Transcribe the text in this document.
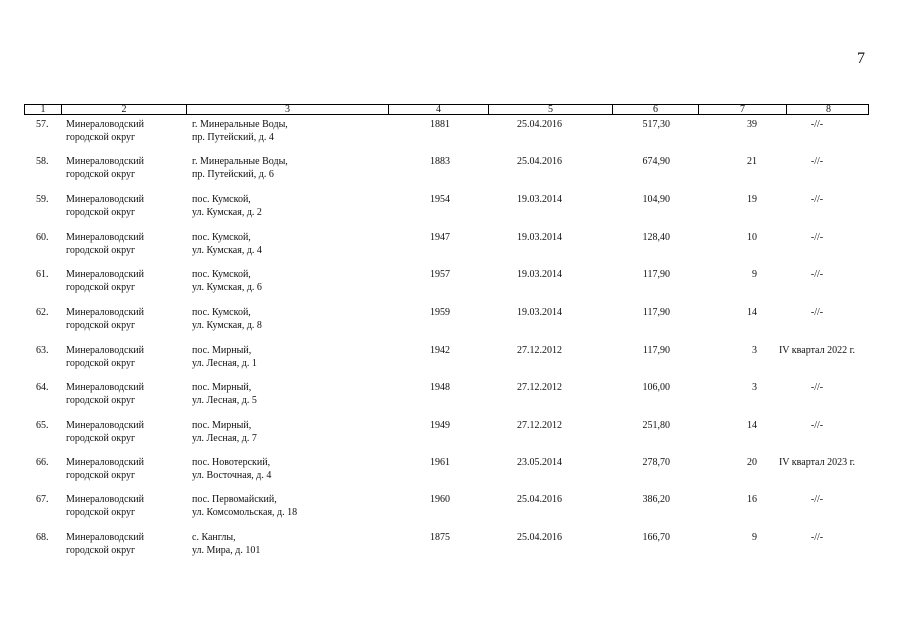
7
1	2	3	4	5	6	7	8
57. Минераловодский	г. Минеральные Воды,	1881	25.04.2016	517,30	39	-//-
городской округ	пр. Путейский, д. 4
58. Минераловодский	г. Минеральные Воды,	1883	25.04.2016	674,90	21	-//-
городской округ	пр. Путейский, д. 6
59. Минераловодский	пос. Кумской,	1954	19.03.2014	104,90	19	-//-
городской округ	ул. Кумская, д. 2
60. Минераловодский	пос. Кумской,	1947	19.03.2014	128,40	10	-//-
городской округ	ул. Кумская, д. 4
61. Минераловодский	пос. Кумской,	1957	19.03.2014	117,90	9	-//-
городской округ	ул. Кумская, д. 6
62. Минераловодский	пос. Кумской,	1959	19.03.2014	117,90	14	-//-
городской округ	ул. Кумская, д. 8
63. Минераловодский	пос. Мирный,	1942	27.12.2012	117,90	3	IV квартал 2022 г.
городской округ	ул. Лесная, д. 1
64. Минераловодский	пос. Мирный,	1948	27.12.2012	106,00	3	-//-
городской округ	ул. Лесная, д. 5
65. Минераловодский	пос. Мирный,	1949	27.12.2012	251,80	14	-//-
городской округ	ул. Лесная, д. 7
66. Минераловодский	пос. Новотерский,	1961	23.05.2014	278,70	20	IV квартал 2023 г.
городской округ	ул. Восточная, д. 4
67. Минераловодский	пос. Первомайский,	1960	25.04.2016	386,20	16	-//-
городской округ	ул. Комсомольская, д. 18
68. Минераловодский	с. Канглы,	1875	25.04.2016	166,70	9	-//-
городской округ	ул. Мира, д. 101
